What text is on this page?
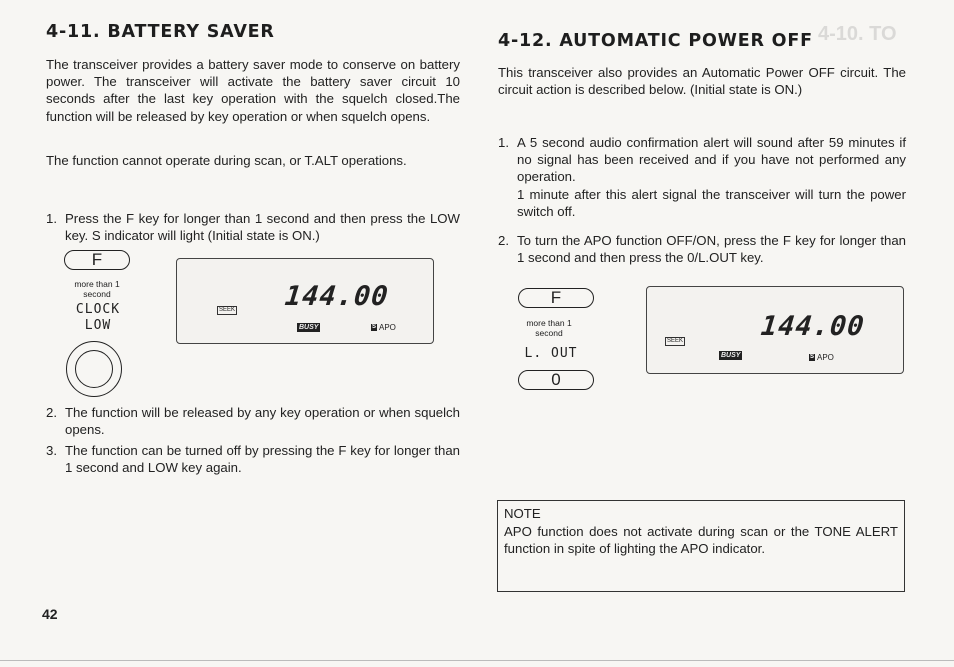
4-10. TO
4-11. BATTERY SAVER
The transceiver provides a battery saver mode to conserve on battery power. The transceiver will activate the battery saver circuit 10 seconds after the last key operation with the squelch closed.The function will be released by key operation or when squelch opens.
The function cannot operate during scan, or T.ALT operations.
1. Press the F key for longer than 1 second and then press the LOW key. S indicator will light (Initial state is ON.)
F
more than 1 second
CLOCK
LOW
144.00
SEEK
BUSY	S APO
2. The function will be released by any key operation or when squelch opens.
3. The function can be turned off by pressing the F key for longer than 1 second and LOW key again.
4-12. AUTOMATIC POWER OFF
This transceiver also provides an Automatic Power OFF circuit. The circuit action is described below. (Initial state is ON.)
1. A 5 second audio confirmation alert will sound after 59 minutes if no signal has been received and if you have not performed any operation.
1 minute after this alert signal the transceiver will turn the power switch off.
2. To turn the APO function OFF/ON, press the F key for longer than 1 second and then press the 0/L.OUT key.
F
more than 1 second
L. OUT
0
144.00
SEEK
BUSY	S APO
NOTE
APO function does not activate during scan or the TONE ALERT function in spite of lighting the APO indicator.
42
